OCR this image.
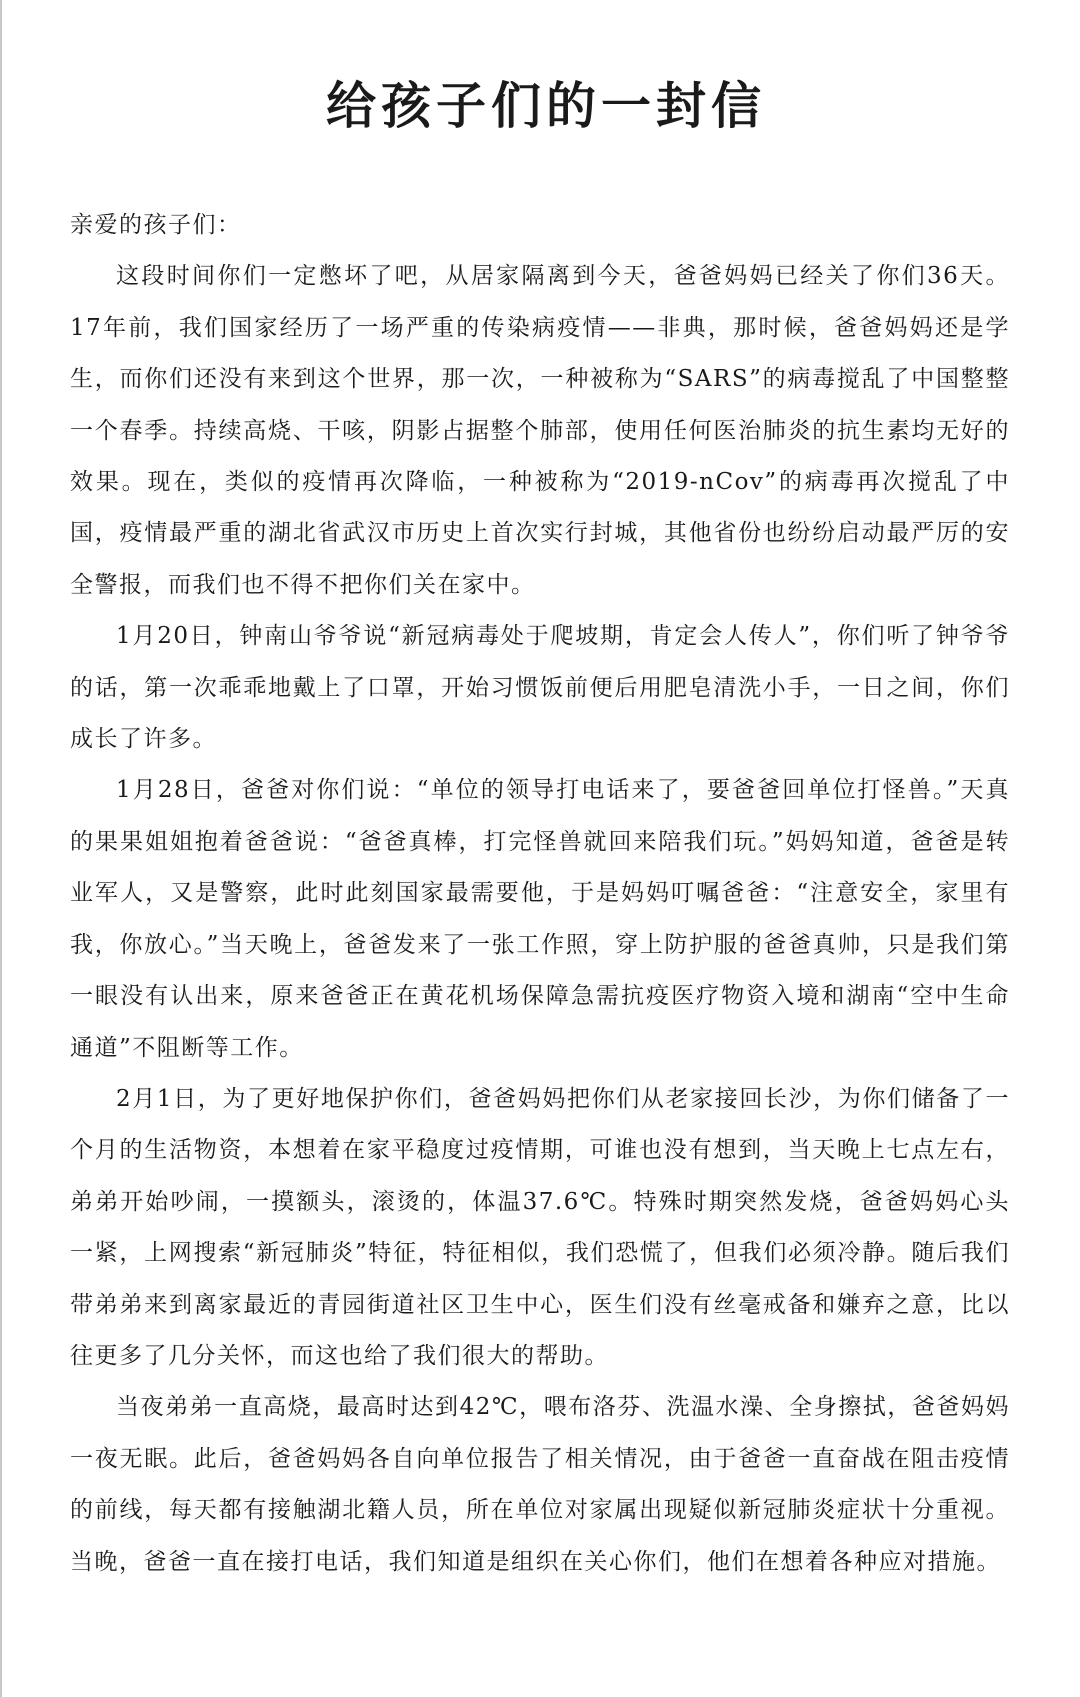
给孩子们的一封信

亲爱的孩子们：

这段时间你们一定憋坏了吧，从居家隔离到今天，爸爸妈妈已经关了你们36天。17年前，我们国家经历了一场严重的传染病疫情——非典，那时候，爸爸妈妈还是学生，而你们还没有来到这个世界，那一次，一种被称为“SARS”的病毒搅乱了中国整整一个春季。持续高烧、干咳，阴影占据整个肺部，使用任何医治肺炎的抗生素均无好的效果。现在，类似的疫情再次降临，一种被称为“2019-nCov”的病毒再次搅乱了中国，疫情最严重的湖北省武汉市历史上首次实行封城，其他省份也纷纷启动最严厉的安全警报，而我们也不得不把你们关在家中。

1月20日，钟南山爷爷说“新冠病毒处于爬坡期，肯定会人传人”，你们听了钟爷爷的话，第一次乖乖地戴上了口罩，开始习惯饭前便后用肥皂清洗小手，一日之间，你们成长了许多。

1月28日，爸爸对你们说：“单位的领导打电话来了，要爸爸回单位打怪兽。”天真的果果姐姐抱着爸爸说：“爸爸真棒，打完怪兽就回来陪我们玩。”妈妈知道，爸爸是转业军人，又是警察，此时此刻国家最需要他，于是妈妈叮嘱爸爸：“注意安全，家里有我，你放心。”当天晚上，爸爸发来了一张工作照，穿上防护服的爸爸真帅，只是我们第一眼没有认出来，原来爸爸正在黄花机场保障急需抗疫医疗物资入境和湖南“空中生命通道”不阻断等工作。

2月1日，为了更好地保护你们，爸爸妈妈把你们从老家接回长沙，为你们储备了一个月的生活物资，本想着在家平稳度过疫情期，可谁也没有想到，当天晚上七点左右，弟弟开始吵闹，一摸额头，滚烫的，体温37.6℃。特殊时期突然发烧，爸爸妈妈心头一紧，上网搜索“新冠肺炎”特征，特征相似，我们恐慌了，但我们必须冷静。随后我们带弟弟来到离家最近的青园街道社区卫生中心，医生们没有丝毫戒备和嫌弃之意，比以往更多了几分关怀，而这也给了我们很大的帮助。

当夜弟弟一直高烧，最高时达到42℃，喂布洛芬、洗温水澡、全身擦拭，爸爸妈妈一夜无眠。此后，爸爸妈妈各自向单位报告了相关情况，由于爸爸一直奋战在阻击疫情的前线，每天都有接触湖北籍人员，所在单位对家属出现疑似新冠肺炎症状十分重视。当晚，爸爸一直在接打电话，我们知道是组织在关心你们，他们在想着各种应对措施。
